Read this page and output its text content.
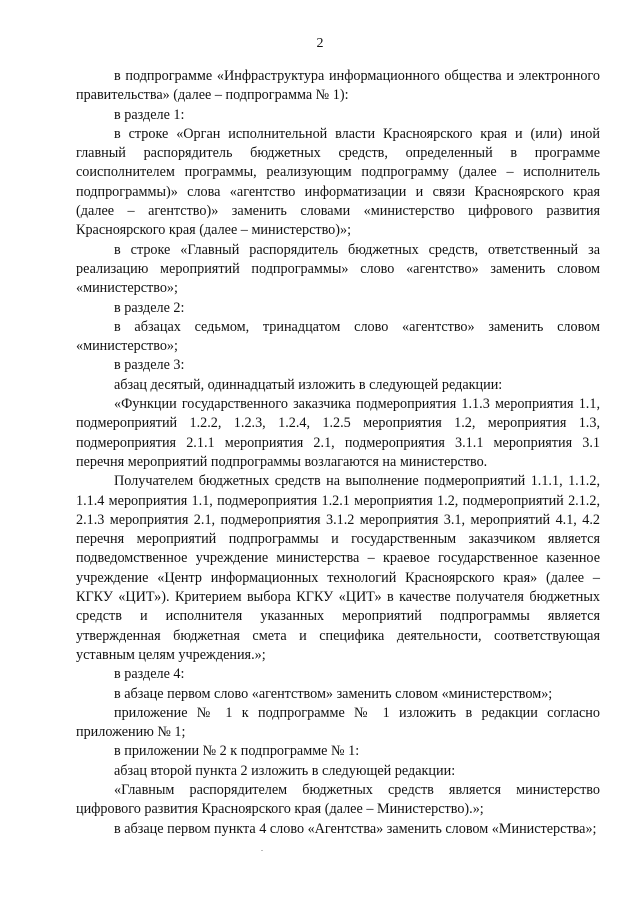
2

в подпрограмме «Инфраструктура информационного общества и электронного правительства» (далее – подпрограмма № 1):

в разделе 1:

в строке «Орган исполнительной власти Красноярского края и (или) иной главный распорядитель бюджетных средств, определенный в программе соисполнителем программы, реализующим подпрограмму (далее – исполнитель подпрограммы)» слова «агентство информатизации и связи Красноярского края (далее – агентство)» заменить словами «министерство цифрового развития Красноярского края (далее – министерство)»;

в строке «Главный распорядитель бюджетных средств, ответственный за реализацию мероприятий подпрограммы» слово «агентство» заменить словом «министерство»;

в разделе 2:

в абзацах седьмом, тринадцатом слово «агентство» заменить словом «министерство»;

в разделе 3:

абзац десятый, одиннадцатый изложить в следующей редакции:

«Функции государственного заказчика подмероприятия 1.1.3 мероприятия 1.1, подмероприятий 1.2.2, 1.2.3, 1.2.4, 1.2.5 мероприятия 1.2, мероприятия 1.3, подмероприятия 2.1.1 мероприятия 2.1, подмероприятия 3.1.1 мероприятия 3.1 перечня мероприятий подпрограммы возлагаются на министерство.

Получателем бюджетных средств на выполнение подмероприятий 1.1.1, 1.1.2, 1.1.4 мероприятия 1.1, подмероприятия 1.2.1 мероприятия 1.2, подмероприятий 2.1.2, 2.1.3 мероприятия 2.1, подмероприятия 3.1.2 мероприятия 3.1, мероприятий 4.1, 4.2 перечня мероприятий подпрограммы и государственным заказчиком является подведомственное учреждение министерства – краевое государственное казенное учреждение «Центр информационных технологий Красноярского края» (далее – КГКУ «ЦИТ»). Критерием выбора КГКУ «ЦИТ» в качестве получателя бюджетных средств и исполнителя указанных мероприятий подпрограммы является утвержденная бюджетная смета и специфика деятельности, соответствующая уставным целям учреждения.»;

в разделе 4:

в абзаце первом слово «агентством» заменить словом «министерством»;

приложение № 1 к подпрограмме № 1 изложить в редакции согласно приложению № 1;

в приложении № 2 к подпрограмме № 1:

абзац второй пункта 2 изложить в следующей редакции:

«Главным распорядителем бюджетных средств является министерство цифрового развития Красноярского края (далее – Министерство).»;

в абзаце первом пункта 4 слово «Агентства» заменить словом «Министерства»;
